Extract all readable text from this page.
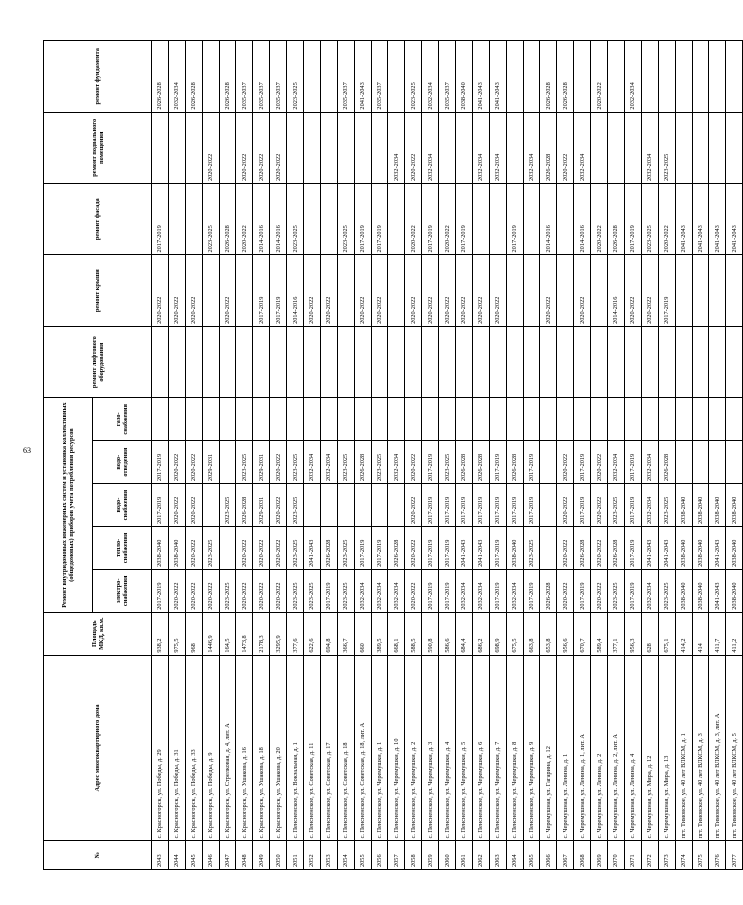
63
№	Адрес многоквартирного дома	Площадь МКД, кв.м.	Ремонт внутридомовых инженерных систем и установка коллективных (общедомовых) приборов учета потребления ресурсов					ремонт лифтового оборудования	ремонт крыши	ремонт фасада	ремонт подвального помещения	ремонт фундамента
			электро-снабжения	тепло-снабжения	водо-снабжения	водо-отведения	газо-снабжения					
2043	с. Красногорск, ул. Победы, д. 29	938,2	2017-2019	2038-2040	2017-2019	2017-2019			2020-2022	2017-2019		2026-2028
2044	с. Красногорск, ул. Победы, д. 31	975,5	2020-2022	2038-2040	2020-2022	2020-2022			2020-2022			2032-2034
2045	с. Красногорск, ул. Победы, д. 33	968	2020-2022	2020-2022	2020-2022	2020-2022			2020-2022			2026-2028
2046	с. Красногорск, ул. Победы, д. 9	1446,9	2020-2022	2023-2025		2029-2031				2023-2025	2020-2022	
2047	с. Красногорск, ул. Стрелковая, д. 4, лит. А	164,5	2023-2025		2023-2025				2020-2022	2026-2028		2026-2028
2048	с. Красногорск, ул. Ушакова, д. 16	1473,8	2020-2022	2020-2022	2026-2028	2023-2025				2020-2022	2020-2022	2035-2037
2049	с. Красногорск, ул. Ушакова, д. 18	2178,3	2020-2022	2020-2022	2029-2031	2029-2031			2017-2019	2014-2016	2020-2022	2035-2037
2050	с. Красногорск, ул. Ушакова, д. 20	3295,9	2020-2022	2020-2022	2020-2022	2020-2022			2017-2019	2014-2016	2020-2022	2035-2037
2051	с. Пенсненское, ул. Вокзальная, д. 1	377,6	2023-2025	2023-2025	2023-2025	2023-2025			2014-2016	2023-2025		2023-2025
2052	с. Пенсненское, ул. Советская, д. 11	622,6	2023-2025	2041-2043		2032-2034			2020-2022			
2053	с. Пенсненское, ул. Советская, д. 17	694,8	2017-2019	2026-2028		2032-2034			2020-2022			
2054	с. Пенсненское, ул. Советская, д. 18	366,7	2023-2025	2023-2025		2023-2025				2023-2025		2035-2037
2055	с. Пенсненское, ул. Советская, д. 18, лит. А	660	2032-2034	2017-2019		2026-2028			2020-2022	2017-2019		2041-2043
2056	с. Пенсненское, ул. Черемушки, д. 1	389,5	2032-2034	2017-2019		2023-2025			2020-2022	2017-2019		2035-2037
2057	с. Пенсненское, ул. Черемушки, д. 10	668,1	2032-2034	2026-2028		2032-2034					2032-2034	
2058	с. Пенсненское, ул. Черемушки, д. 2	588,5	2020-2022	2020-2022	2020-2022	2020-2022			2020-2022	2020-2022	2020-2022	2023-2025
2059	с. Пенсненское, ул. Черемушки, д. 3	590,8	2017-2019	2017-2019	2017-2019	2017-2019			2020-2022	2017-2019	2032-2034	2032-2034
2060	с. Пенсненское, ул. Черемушки, д. 4	586,6	2017-2019	2017-2019	2017-2019	2023-2025			2020-2022	2020-2022		2035-2037
2061	с. Пенсненское, ул. Черемушки, д. 5	684,4	2032-2034	2041-2043	2017-2019	2026-2028			2020-2022	2017-2019		2038-2040
2062	с. Пенсненское, ул. Черемушки, д. 6	686,2	2032-2034	2041-2043	2017-2019	2026-2028			2020-2022		2032-2034	2041-2043
2063	с. Пенсненское, ул. Черемушки, д. 7	698,9	2017-2019	2017-2019	2017-2019	2017-2019			2020-2022		2032-2034	2041-2043
2064	с. Пенсненское, ул. Черемушки, д. 8	675,5	2032-2034	2038-2040	2017-2019	2026-2028				2017-2019		
2065	с. Пенсненское, ул. Черемушки, д. 9	663,8	2017-2019	2023-2025	2017-2019	2017-2019					2032-2034	
2066	с. Черемушная, ул. Гагарина, д. 12	653,8	2026-2028						2020-2022	2014-2016	2026-2028	2026-2028
2067	с. Черемушная, ул. Ленина, д. 1	956,6	2020-2022	2020-2022	2020-2022	2020-2022					2020-2022	2026-2028
2068	с. Черемушная, ул. Ленина, д. 1, лит. А	670,7	2017-2019	2026-2028	2017-2019	2017-2019			2020-2022	2014-2016	2032-2034	
2069	с. Черемушная, ул. Ленина, д. 2	589,4	2020-2022	2020-2022	2020-2022	2020-2022				2020-2022		2020-2022
2070	с. Черемушная, ул. Ленина, д. 2, лит. А	377,1	2023-2025	2026-2028	2023-2025	2032-2034			2014-2016	2026-2028		
2071	с. Черемушная, ул. Ленина, д. 4	956,3	2017-2019	2017-2019	2017-2019	2017-2019			2020-2022	2017-2019		2032-2034
2072	с. Черемушная, ул. Мира, д. 12	628	2032-2034	2041-2043	2032-2034	2032-2034			2020-2022	2023-2025	2032-2034	
2073	с. Черемушная, ул. Мира, д. 13	675,1	2023-2025	2041-2043	2023-2025	2026-2028			2017-2019	2020-2022	2023-2025	
2074	пгт. Тимовское, ул. 40 лет ВЛКСМ, д. 1	414,2	2038-2040	2038-2040	2038-2040					2041-2043		
2075	пгт. Тимовское, ул. 40 лет ВЛКСМ, д. 3	414	2038-2040	2038-2040	2038-2040					2041-2043		
2076	пгт. Тимовское, ул. 40 лет ВЛКСМ, д. 3, лит. А	411,7	2041-2043	2041-2043	2038-2040					2041-2043		
2077	пгт. Тимовское, ул. 40 лет ВЛКСМ, д. 5	411,2	2038-2040	2038-2040	2038-2040					2041-2043		
